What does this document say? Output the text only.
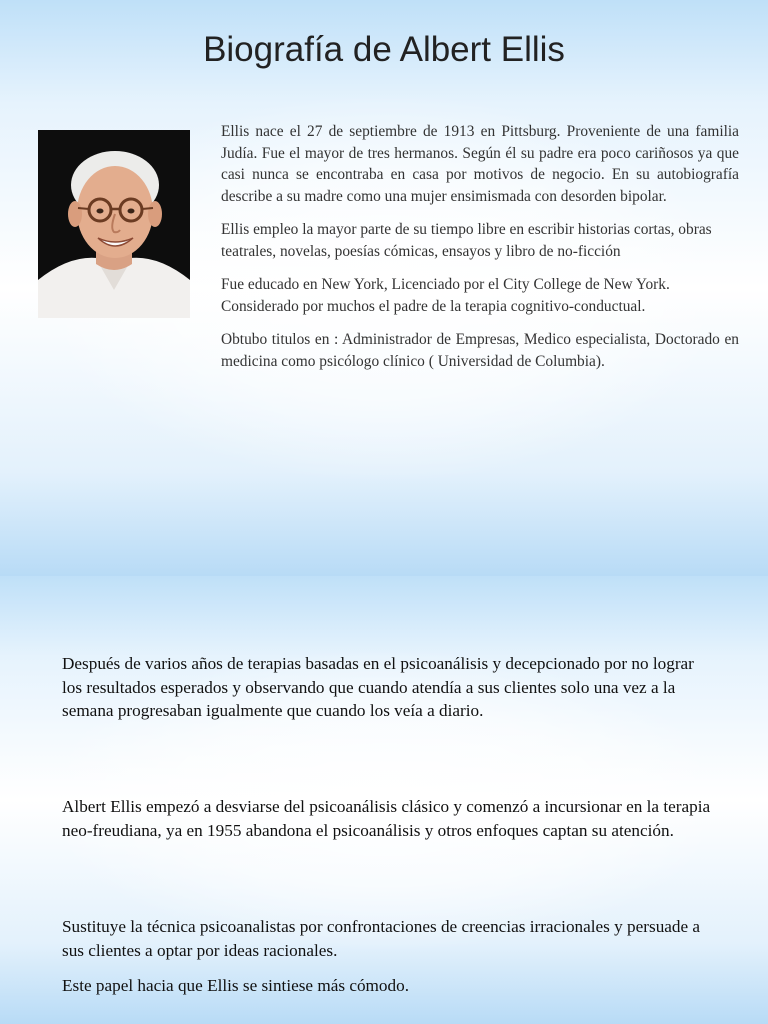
Biografía de Albert Ellis

Ellis nace el 27 de septiembre de 1913 en Pittsburg. Proveniente de una familia Judía. Fue el mayor de tres hermanos. Según él su padre era poco cariñosos ya que casi nunca se encontraba en casa por motivos de negocio. En su autobiografía describe a su madre como una mujer ensimismada con desorden bipolar.

Ellis empleo la mayor parte de su tiempo libre en escribir historias cortas, obras teatrales, novelas, poesías cómicas, ensayos y libro de no-ficción

Fue educado en New York, Licenciado por el City College de New York. Considerado por muchos el padre de la terapia cognitivo-conductual.

Obtubo titulos en : Administrador de Empresas, Medico especialista, Doctorado en medicina como psicólogo clínico ( Universidad de Columbia).

Después de varios años de terapias basadas en el psicoanálisis y decepcionado por no lograr los resultados esperados y observando que cuando atendía a sus clientes solo una vez a la semana progresaban igualmente que cuando los veía a diario.

Albert Ellis empezó a desviarse del psicoanálisis clásico y comenzó a incursionar en la terapia neo-freudiana, ya en 1955 abandona el psicoanálisis y otros enfoques captan su atención.

Sustituye la técnica psicoanalistas por confrontaciones de creencias irracionales y persuade a sus clientes a optar por ideas racionales.

Este papel hacia que Ellis se sintiese más cómodo.
